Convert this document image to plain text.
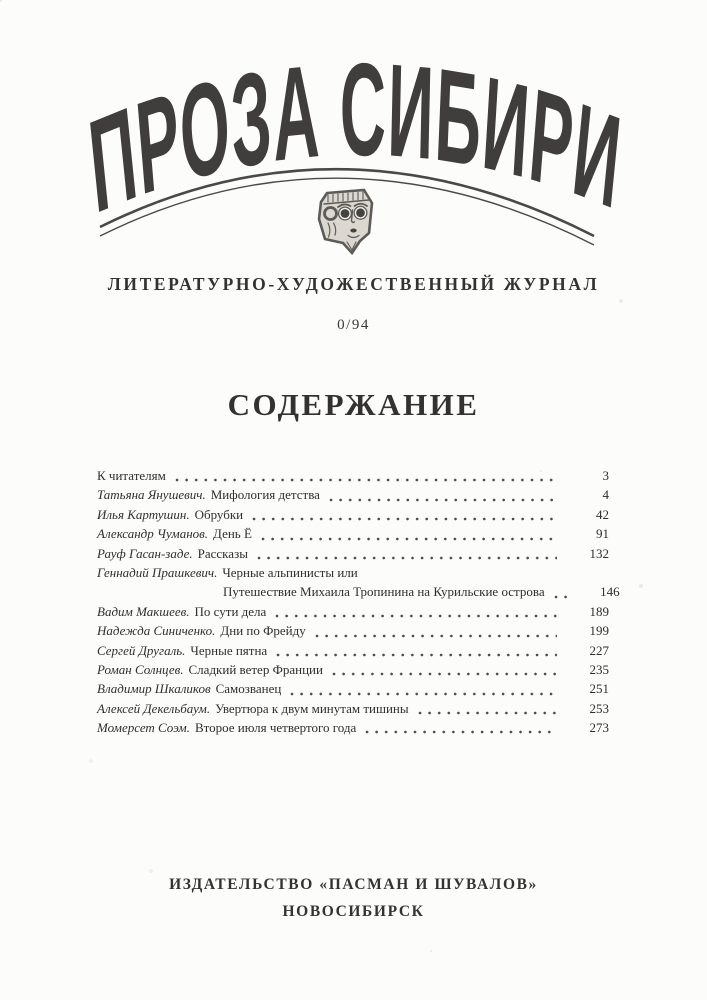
ПРОЗА СИБИРИ
ЛИТЕРАТУРНО-ХУДОЖЕСТВЕННЫЙ ЖУРНАЛ
0/94
СОДЕРЖАНИЕ
К читателям	3
Татьяна Янушевич. Мифология детства	4
Илья Картушин. Обрубки	42
Александр Чуманов. День Ё	91
Рауф Гасан-заде. Рассказы	132
Геннадий Прашкевич. Черные альпинисты или
Путешествие Михаила Тропинина на Курильские острова	146
Вадим Макшеев. По сути дела	189
Надежда Синиченко. Дни по Фрейду	199
Сергей Другаль. Черные пятна	227
Роман Солнцев. Сладкий ветер Франции	235
Владимир Шкаликов Самозванец	251
Алексей Декельбаум. Увертюра к двум минутам тишины	253
Момерсет Соэм. Второе июля четвертого года	273
ИЗДАТЕЛЬСТВО «ПАСМАН И ШУВАЛОВ»
НОВОСИБИРСК
